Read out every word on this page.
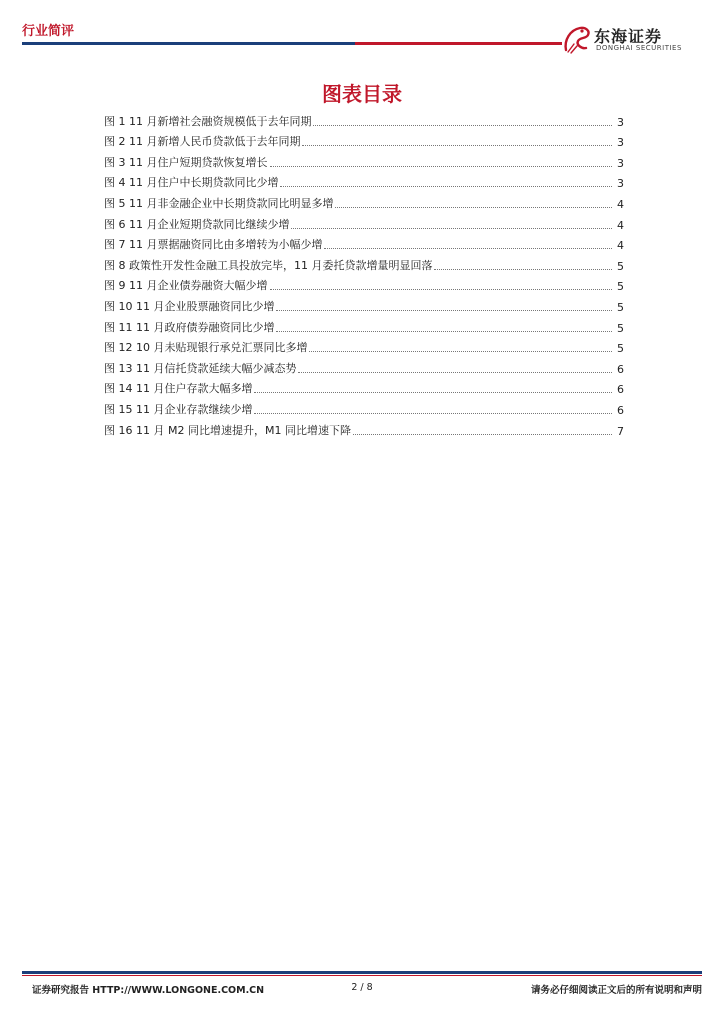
行业简评	东海证券
DONGHAI SECURITIES
图表目录
图 1 11 月新增社会融资规模低于去年同期	3
图 2 11 月新增人民币贷款低于去年同期	3
图 3 11 月住户短期贷款恢复增长	3
图 4 11 月住户中长期贷款同比少增	3
图 5 11 月非金融企业中长期贷款同比明显多增	4
图 6 11 月企业短期贷款同比继续少增	4
图 7 11 月票据融资同比由多增转为小幅少增	4
图 8 政策性开发性金融工具投放完毕，11 月委托贷款增量明显回落	5
图 9 11 月企业债券融资大幅少增	5
图 10 11 月企业股票融资同比少增	5
图 11 11 月政府债券融资同比少增	5
图 12 10 月未贴现银行承兑汇票同比多增	5
图 13 11 月信托贷款延续大幅少减态势	6
图 14 11 月住户存款大幅多增	6
图 15 11 月企业存款继续少增	6
图 16 11 月 M2 同比增速提升，M1 同比增速下降	7
证券研究报告 HTTP://WWW.LONGONE.COM.CN	2 / 8	请务必仔细阅读正文后的所有说明和声明
